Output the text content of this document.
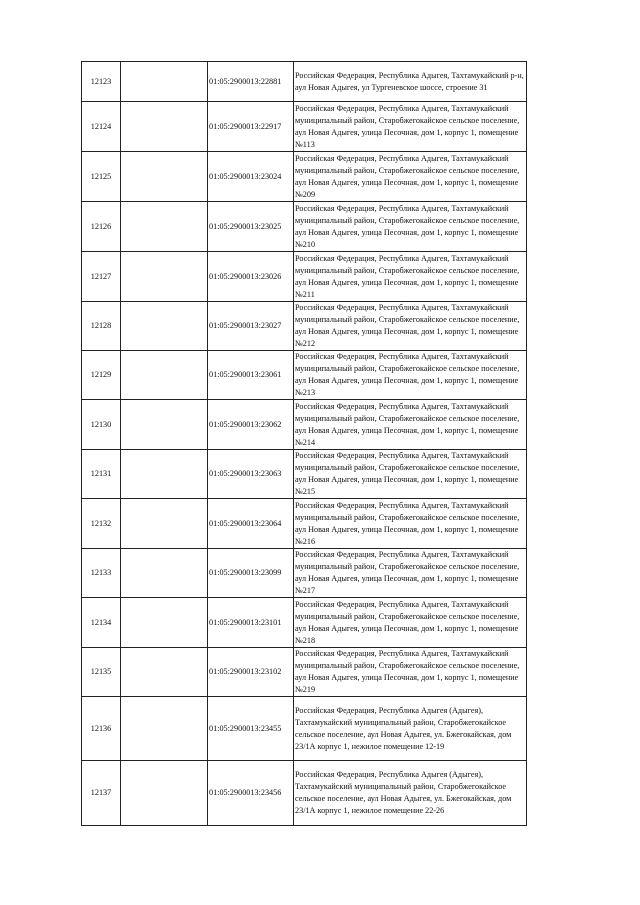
12123		01:05:2900013:22881	Российская Федерация, Республика Адыгея, Тахтамукайский р-н, аул Новая Адыгея, ул Тургеневское шоссе, строение 31
12124		01:05:2900013:22917	Российская Федерация, Республика Адыгея, Тахтамукайский муниципальный район, Старобжегокайское сельское поселение, аул Новая Адыгея, улица Песочная, дом 1, корпус 1, помещение №113
12125		01:05:2900013:23024	Российская Федерация, Республика Адыгея, Тахтамукайский муниципальный район, Старобжегокайское сельское поселение, аул Новая Адыгея, улица Песочная, дом 1, корпус 1, помещение №209
12126		01:05:2900013:23025	Российская Федерация, Республика Адыгея, Тахтамукайский муниципальный район, Старобжегокайское сельское поселение, аул Новая Адыгея, улица Песочная, дом 1, корпус 1, помещение №210
12127		01:05:2900013:23026	Российская Федерация, Республика Адыгея, Тахтамукайский муниципальный район, Старобжегокайское сельское поселение, аул Новая Адыгея, улица Песочная, дом 1, корпус 1, помещение №211
12128		01:05:2900013:23027	Российская Федерация, Республика Адыгея, Тахтамукайский муниципальный район, Старобжегокайское сельское поселение, аул Новая Адыгея, улица Песочная, дом 1, корпус 1, помещение №212
12129		01:05:2900013:23061	Российская Федерация, Республика Адыгея, Тахтамукайский муниципальный район, Старобжегокайское сельское поселение, аул Новая Адыгея, улица Песочная, дом 1, корпус 1, помещение №213
12130		01:05:2900013:23062	Российская Федерация, Республика Адыгея, Тахтамукайский муниципальный район, Старобжегокайское сельское поселение, аул Новая Адыгея, улица Песочная, дом 1, корпус 1, помещение №214
12131		01:05:2900013:23063	Российская Федерация, Республика Адыгея, Тахтамукайский муниципальный район, Старобжегокайское сельское поселение, аул Новая Адыгея, улица Песочная, дом 1, корпус 1, помещение №215
12132		01:05:2900013:23064	Российская Федерация, Республика Адыгея, Тахтамукайский муниципальный район, Старобжегокайское сельское поселение, аул Новая Адыгея, улица Песочная, дом 1, корпус 1, помещение №216
12133		01:05:2900013:23099	Российская Федерация, Республика Адыгея, Тахтамукайский муниципальный район, Старобжегокайское сельское поселение, аул Новая Адыгея, улица Песочная, дом 1, корпус 1, помещение №217
12134		01:05:2900013:23101	Российская Федерация, Республика Адыгея, Тахтамукайский муниципальный район, Старобжегокайское сельское поселение, аул Новая Адыгея, улица Песочная, дом 1, корпус 1, помещение №218
12135		01:05:2900013:23102	Российская Федерация, Республика Адыгея, Тахтамукайский муниципальный район, Старобжегокайское сельское поселение, аул Новая Адыгея, улица Песочная, дом 1, корпус 1, помещение №219
12136		01:05:2900013:23455	Российская Федерация, Республика Адыгея (Адыгея), Тахтамукайский муниципальный район, Старобжегокайское сельское поселение, аул Новая Адыгея, ул. Бжегокайская, дом 23/1А корпус 1, нежилое помещение 12-19
12137		01:05:2900013:23456	Российская Федерация, Республика Адыгея (Адыгея), Тахтамукайский муниципальный район, Старобжегокайское сельское поселение, аул Новая Адыгея, ул. Бжегокайская, дом 23/1А корпус 1, нежилое помещение 22-26
